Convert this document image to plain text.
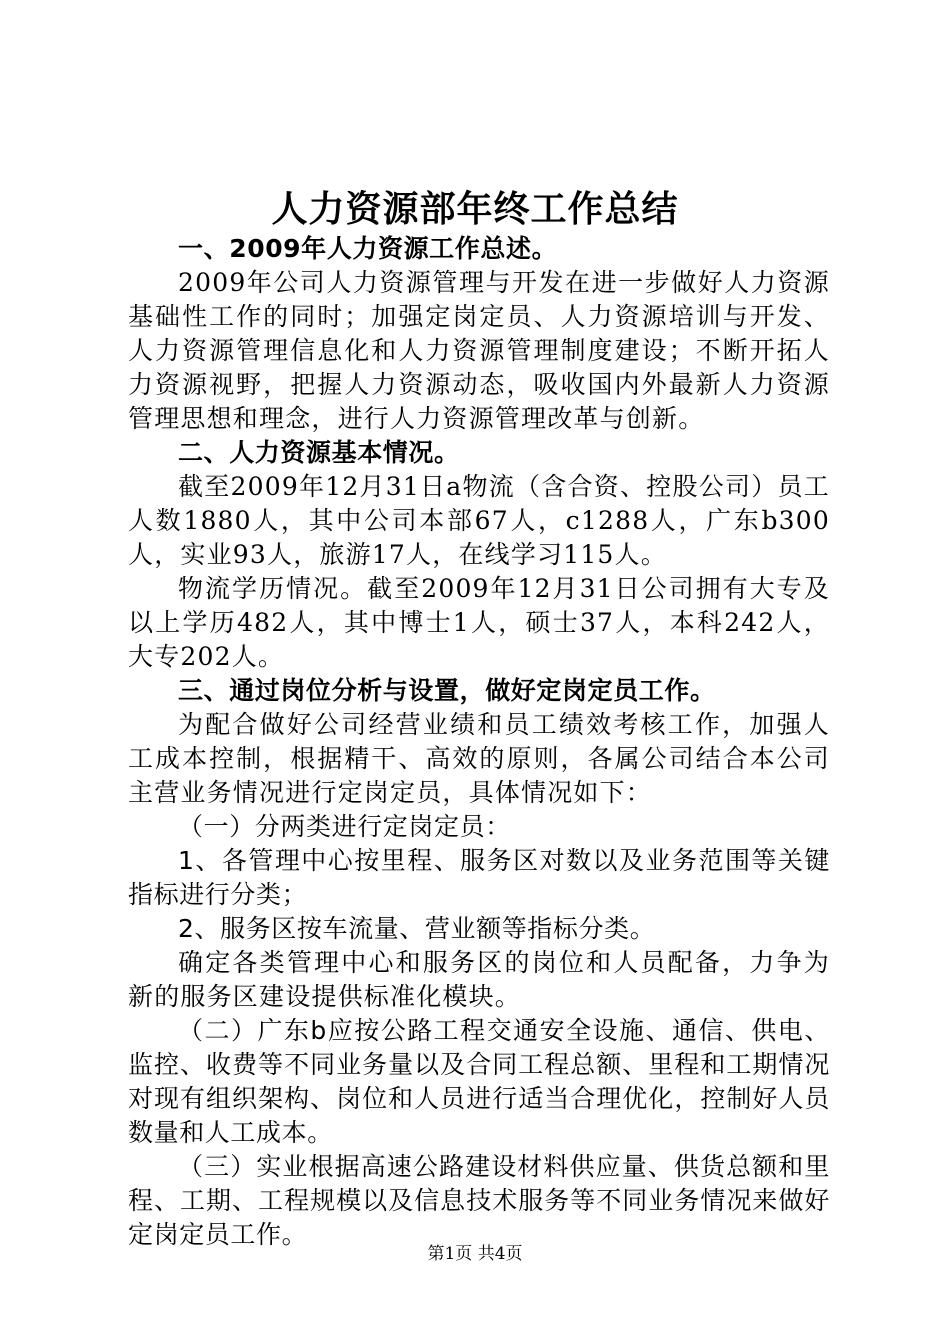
人力资源部年终工作总结

一、2009年人力资源工作总述。

2009年公司人力资源管理与开发在进一步做好人力资源基础性工作的同时；加强定岗定员、人力资源培训与开发、人力资源管理信息化和人力资源管理制度建设；不断开拓人力资源视野，把握人力资源动态，吸收国内外最新人力资源管理思想和理念，进行人力资源管理改革与创新。

二、人力资源基本情况。

截至2009年12月31日a物流（含合资、控股公司）员工人数1880人，其中公司本部67人，c1288人，广东b300人，实业93人，旅游17人，在线学习115人。

物流学历情况。截至2009年12月31日公司拥有大专及以上学历482人，其中博士1人，硕士37人，本科242人，大专202人。

三、通过岗位分析与设置，做好定岗定员工作。

为配合做好公司经营业绩和员工绩效考核工作，加强人工成本控制，根据精干、高效的原则，各属公司结合本公司主营业务情况进行定岗定员，具体情况如下：

（一）分两类进行定岗定员：

1、各管理中心按里程、服务区对数以及业务范围等关键指标进行分类；

2、服务区按车流量、营业额等指标分类。

确定各类管理中心和服务区的岗位和人员配备，力争为新的服务区建设提供标准化模块。

（二）广东b应按公路工程交通安全设施、通信、供电、监控、收费等不同业务量以及合同工程总额、里程和工期情况对现有组织架构、岗位和人员进行适当合理优化，控制好人员数量和人工成本。

（三）实业根据高速公路建设材料供应量、供货总额和里程、工期、工程规模以及信息技术服务等不同业务情况来做好定岗定员工作。

第1页 共4页
